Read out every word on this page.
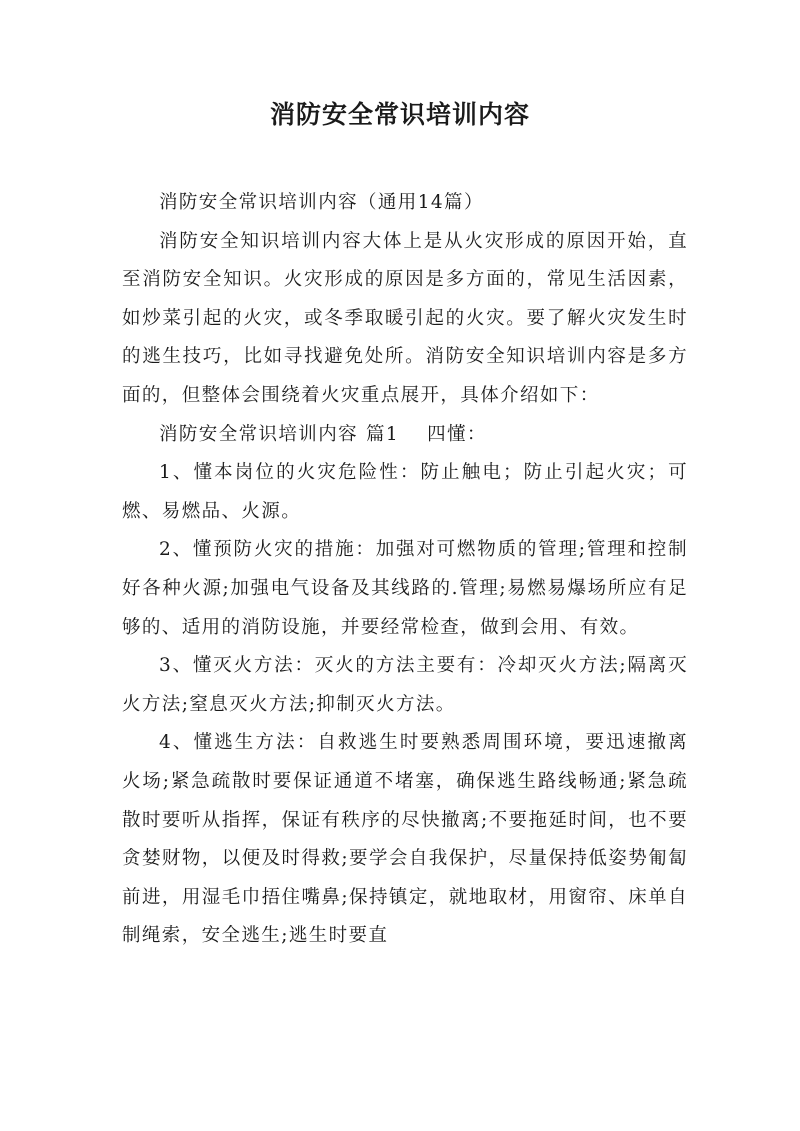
消防安全常识培训内容

消防安全常识培训内容（通用14篇）

消防安全知识培训内容大体上是从火灾形成的原因开始，直至消防安全知识。火灾形成的原因是多方面的，常见生活因素，如炒菜引起的火灾，或冬季取暖引起的火灾。要了解火灾发生时的逃生技巧，比如寻找避免处所。消防安全知识培训内容是多方面的，但整体会围绕着火灾重点展开，具体介绍如下：

消防安全常识培训内容 篇1 四懂：

1、懂本岗位的火灾危险性：防止触电；防止引起火灾；可燃、易燃品、火源。

2、懂预防火灾的措施：加强对可燃物质的管理;管理和控制好各种火源;加强电气设备及其线路的.管理;易燃易爆场所应有足够的、适用的消防设施，并要经常检查，做到会用、有效。

3、懂灭火方法：灭火的方法主要有：冷却灭火方法;隔离灭火方法;窒息灭火方法;抑制灭火方法。

4、懂逃生方法：自救逃生时要熟悉周围环境，要迅速撤离火场;紧急疏散时要保证通道不堵塞，确保逃生路线畅通;紧急疏散时要听从指挥，保证有秩序的尽快撤离;不要拖延时间，也不要贪婪财物，以便及时得救;要学会自我保护，尽量保持低姿势匍匐前进，用湿毛巾捂住嘴鼻;保持镇定，就地取材，用窗帘、床单自制绳索，安全逃生;逃生时要直
